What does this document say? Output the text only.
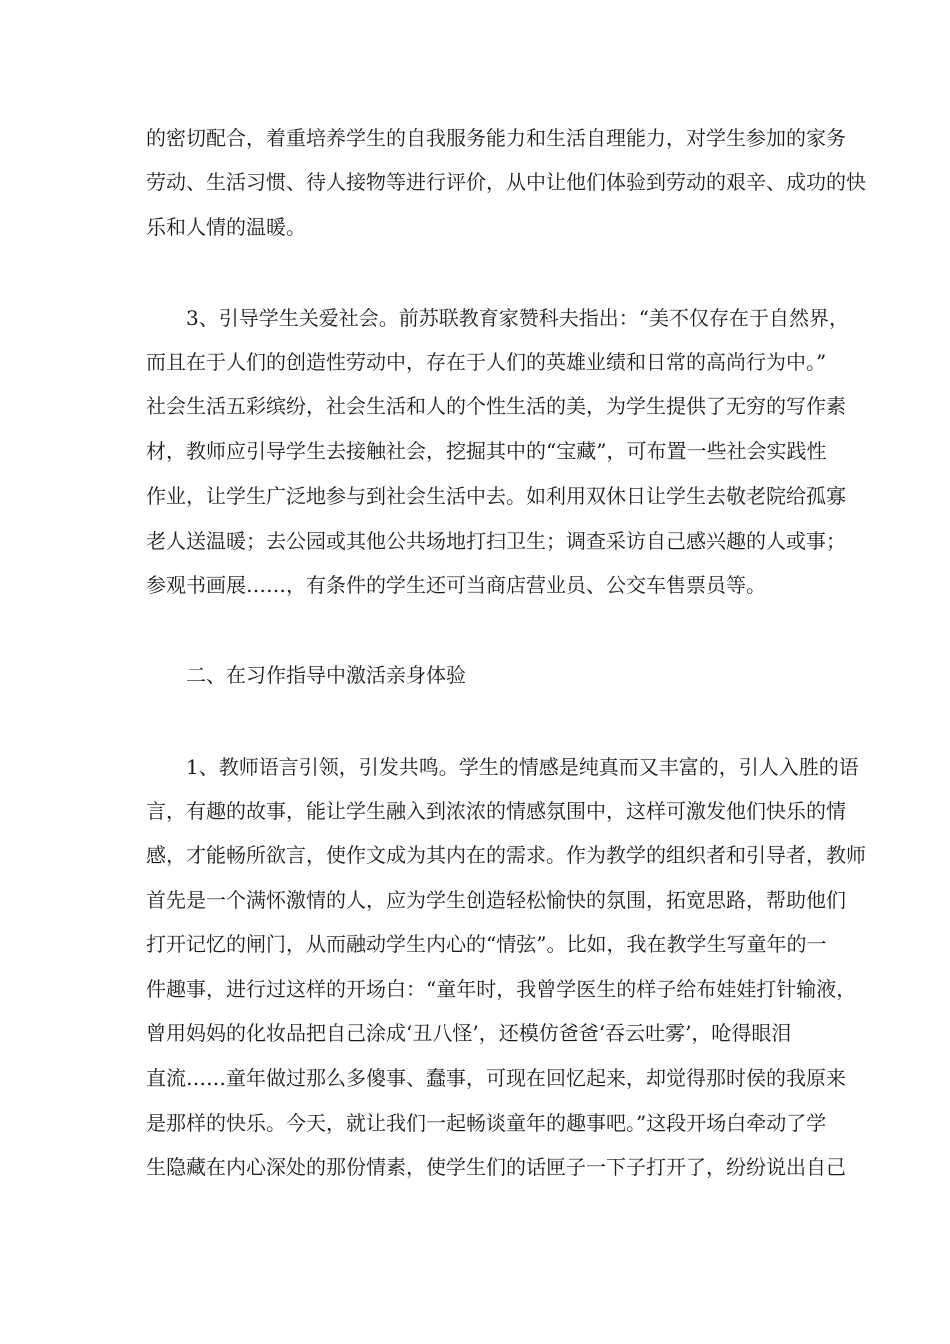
的密切配合，着重培养学生的自我服务能力和生活自理能力，对学生参加的家务

劳动、生活习惯、待人接物等进行评价，从中让他们体验到劳动的艰辛、成功的快

乐和人情的温暖。

3、引导学生关爱社会。前苏联教育家赞科夫指出：“美不仅存在于自然界，

而且在于人们的创造性劳动中，存在于人们的英雄业绩和日常的高尚行为中。”

社会生活五彩缤纷，社会生活和人的个性生活的美，为学生提供了无穷的写作素

材，教师应引导学生去接触社会，挖掘其中的“宝藏”，可布置一些社会实践性

作业，让学生广泛地参与到社会生活中去。如利用双休日让学生去敬老院给孤寡

老人送温暖；去公园或其他公共场地打扫卫生；调查采访自己感兴趣的人或事；

参观书画展……，有条件的学生还可当商店营业员、公交车售票员等。

二、在习作指导中激活亲身体验

1、教师语言引领，引发共鸣。学生的情感是纯真而又丰富的，引人入胜的语

言，有趣的故事，能让学生融入到浓浓的情感氛围中，这样可激发他们快乐的情

感，才能畅所欲言，使作文成为其内在的需求。作为教学的组织者和引导者，教师

首先是一个满怀激情的人，应为学生创造轻松愉快的氛围，拓宽思路，帮助他们

打开记忆的闸门，从而融动学生内心的“情弦”。比如，我在教学生写童年的一

件趣事，进行过这样的开场白：“童年时，我曾学医生的样子给布娃娃打针输液，

曾用妈妈的化妆品把自己涂成‘丑八怪’，还模仿爸爸‘吞云吐雾’，呛得眼泪

直流……童年做过那么多傻事、蠢事，可现在回忆起来，却觉得那时侯的我原来

是那样的快乐。今天，就让我们一起畅谈童年的趣事吧。”这段开场白牵动了学

生隐藏在内心深处的那份情素，使学生们的话匣子一下子打开了，纷纷说出自己
